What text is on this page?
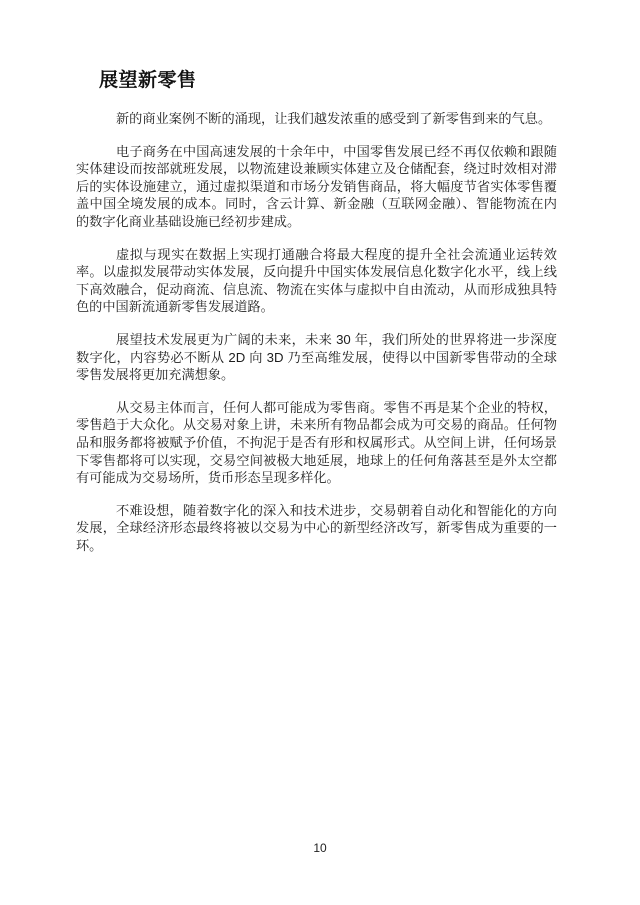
展望新零售

新的商业案例不断的涌现，让我们越发浓重的感受到了新零售到来的气息。

电子商务在中国高速发展的十余年中，中国零售发展已经不再仅依赖和跟随实体建设而按部就班发展，以物流建设兼顾实体建立及仓储配套，绕过时效相对滞后的实体设施建立，通过虚拟渠道和市场分发销售商品，将大幅度节省实体零售覆盖中国全境发展的成本。同时，含云计算、新金融（互联网金融）、智能物流在内的数字化商业基础设施已经初步建成。

虚拟与现实在数据上实现打通融合将最大程度的提升全社会流通业运转效率。以虚拟发展带动实体发展，反向提升中国实体发展信息化数字化水平，线上线下高效融合，促动商流、信息流、物流在实体与虚拟中自由流动，从而形成独具特色的中国新流通新零售发展道路。

展望技术发展更为广阔的未来，未来 30 年，我们所处的世界将进一步深度数字化，内容势必不断从 2D 向 3D 乃至高维发展，使得以中国新零售带动的全球零售发展将更加充满想象。

从交易主体而言，任何人都可能成为零售商。零售不再是某个企业的特权，零售趋于大众化。从交易对象上讲，未来所有物品都会成为可交易的商品。任何物品和服务都将被赋予价值，不拘泥于是否有形和权属形式。从空间上讲，任何场景下零售都将可以实现，交易空间被极大地延展，地球上的任何角落甚至是外太空都有可能成为交易场所，货币形态呈现多样化。

不难设想，随着数字化的深入和技术进步，交易朝着自动化和智能化的方向发展，全球经济形态最终将被以交易为中心的新型经济改写，新零售成为重要的一环。

10
